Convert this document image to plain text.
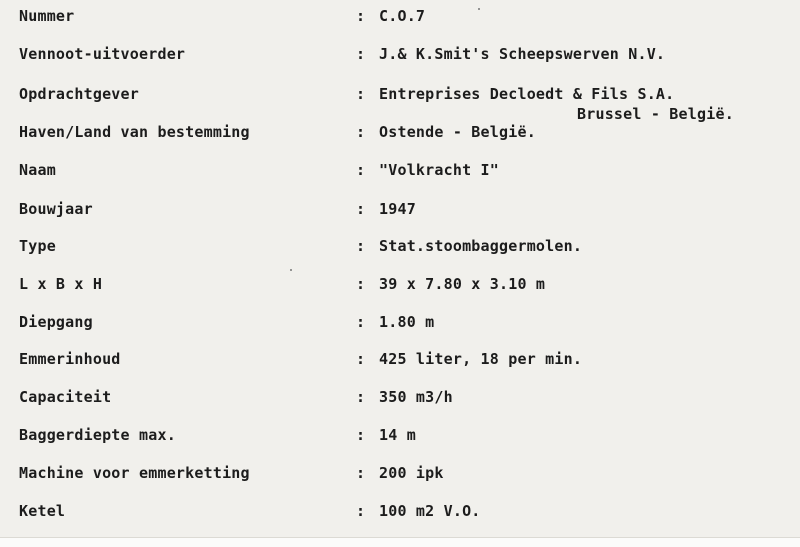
Nummer	: C.O.7
Vennoot-uitvoerder	: J.& K.Smit's Scheepswerven N.V.
Opdrachtgever	: Entreprises Decloedt & Fils S.A.
Brussel - België.
Haven/Land van bestemming	: Ostende - België.
Naam	: "Volkracht I"
Bouwjaar	: 1947
Type	: Stat.stoombaggermolen.
L x B x H	: 39 x 7.80 x 3.10 m
Diepgang	: 1.80 m
Emmerinhoud	: 425 liter, 18 per min.
Capaciteit	: 350 m3/h
Baggerdiepte max.	: 14 m
Machine voor emmerketting	: 200 ipk
Ketel	: 100 m2 V.O.
